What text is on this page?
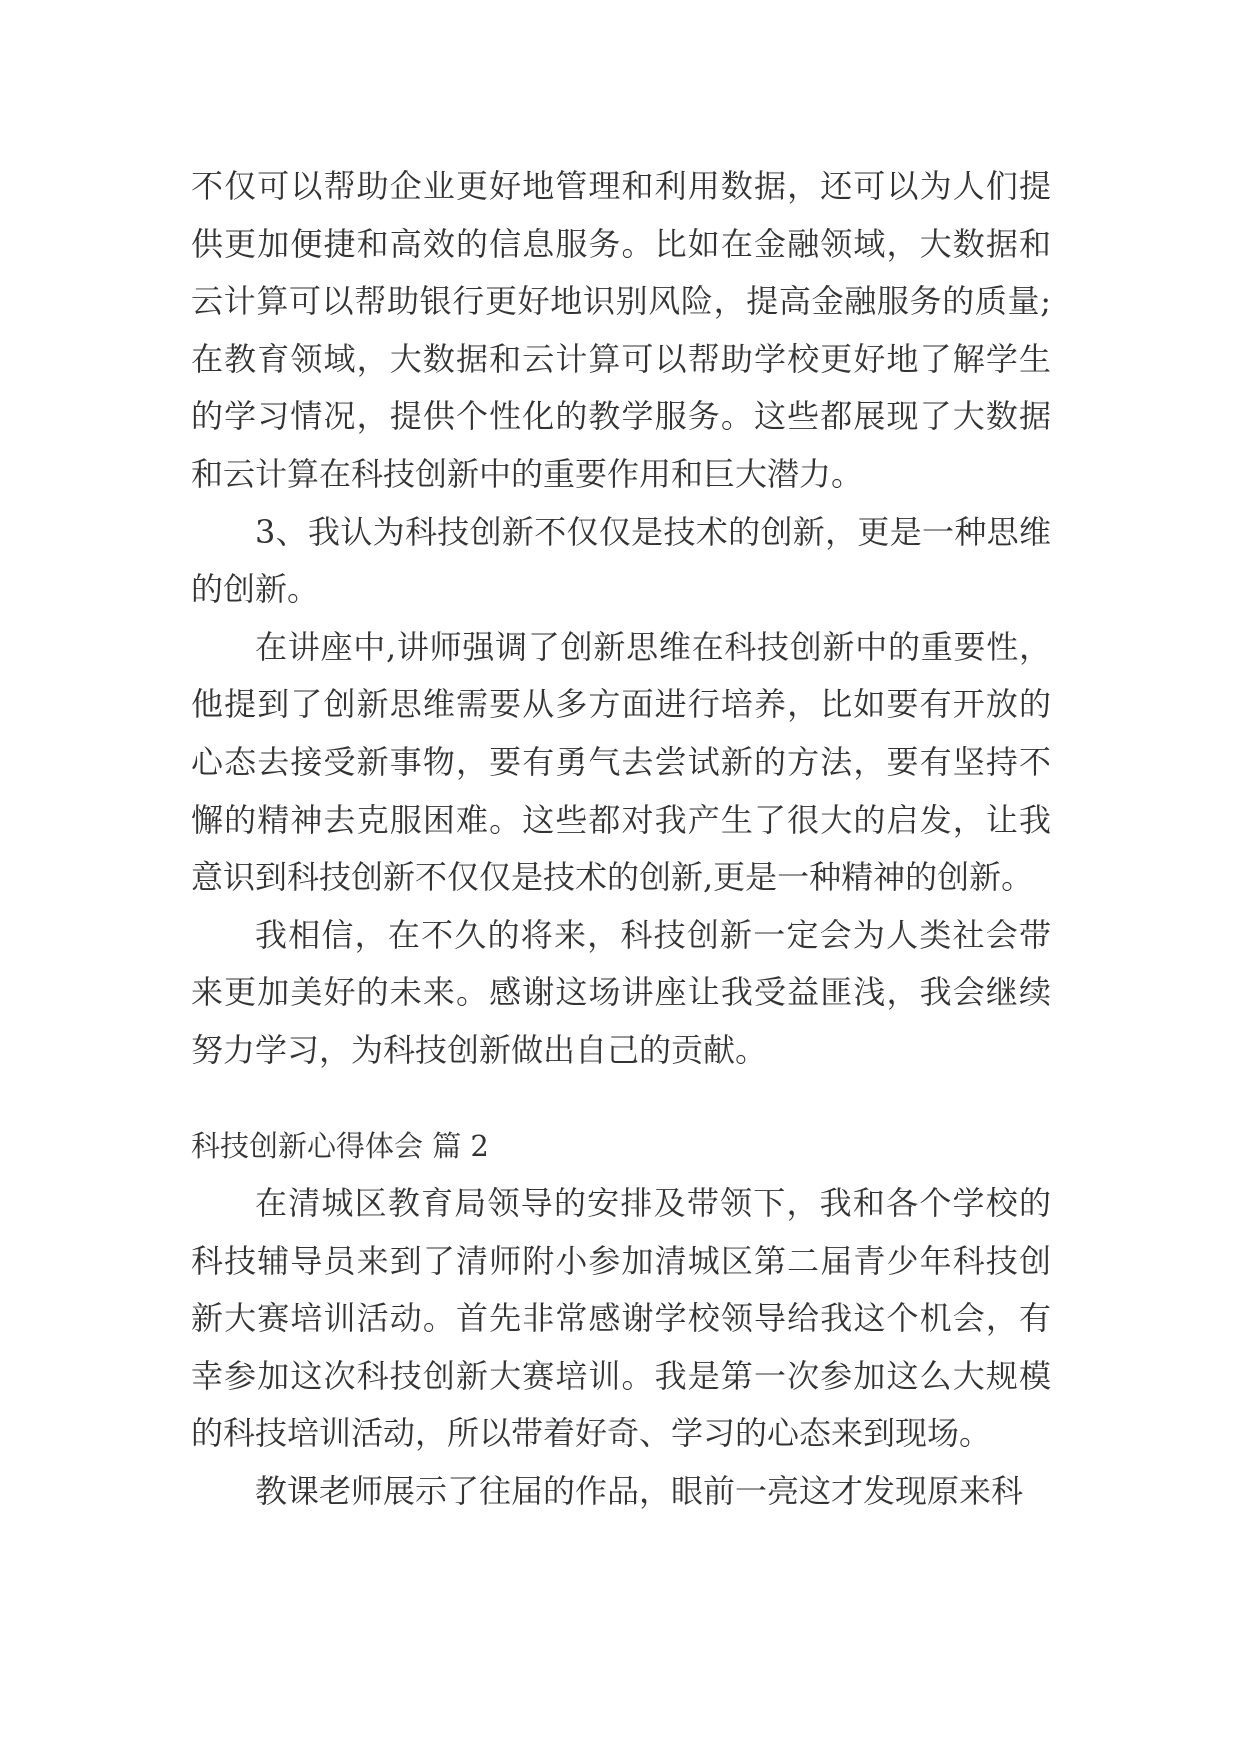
不仅可以帮助企业更好地管理和利用数据，还可以为人们提供更加便捷和高效的信息服务。比如在金融领域，大数据和云计算可以帮助银行更好地识别风险，提高金融服务的质量;在教育领域，大数据和云计算可以帮助学校更好地了解学生的学习情况，提供个性化的教学服务。这些都展现了大数据和云计算在科技创新中的重要作用和巨大潜力。

3、我认为科技创新不仅仅是技术的创新，更是一种思维的创新。

在讲座中,讲师强调了创新思维在科技创新中的重要性，他提到了创新思维需要从多方面进行培养，比如要有开放的心态去接受新事物，要有勇气去尝试新的方法，要有坚持不懈的精神去克服困难。这些都对我产生了很大的启发，让我意识到科技创新不仅仅是技术的创新,更是一种精神的创新。

我相信，在不久的将来，科技创新一定会为人类社会带来更加美好的未来。感谢这场讲座让我受益匪浅，我会继续努力学习，为科技创新做出自己的贡献。

科技创新心得体会 篇 2

在清城区教育局领导的安排及带领下，我和各个学校的科技辅导员来到了清师附小参加清城区第二届青少年科技创新大赛培训活动。首先非常感谢学校领导给我这个机会，有幸参加这次科技创新大赛培训。我是第一次参加这么大规模的科技培训活动，所以带着好奇、学习的心态来到现场。

教课老师展示了往届的作品，眼前一亮这才发现原来科
